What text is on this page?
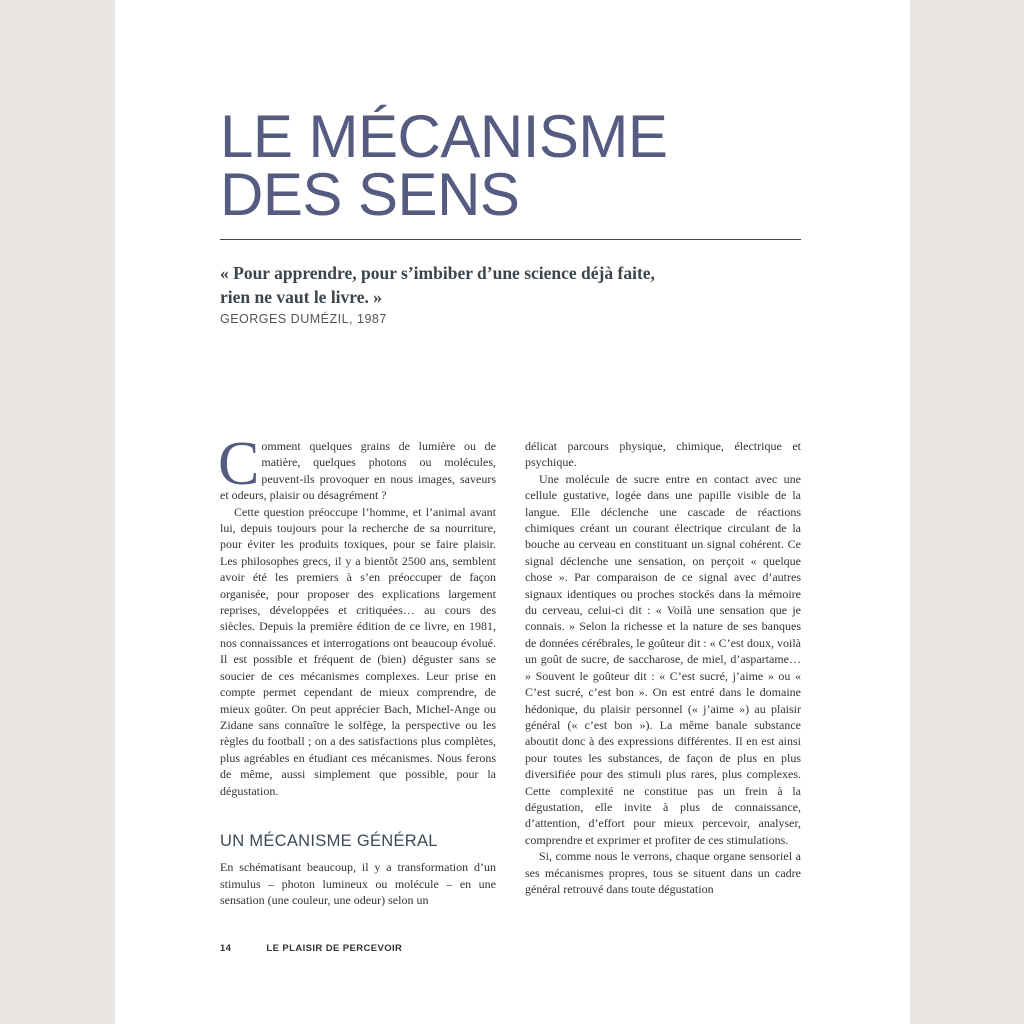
LE MÉCANISME
DES SENS
« Pour apprendre, pour s’imbiber d’une science déjà faite,
rien ne vaut le livre. »
GEORGES DUMÉZIL, 1987

Comment quelques grains de lumière ou de matière, quelques photons ou molécules, peuvent-ils provoquer en nous images, saveurs et odeurs, plaisir ou désagrément ?

Cette question préoccupe l’homme, et l’animal avant lui, depuis toujours pour la recherche de sa nourriture, pour éviter les produits toxiques, pour se faire plaisir. Les philosophes grecs, il y a bientôt 2500 ans, semblent avoir été les premiers à s’en préoccuper de façon organisée, pour proposer des explications largement reprises, développées et critiquées… au cours des siècles. Depuis la première édition de ce livre, en 1981, nos connaissances et interrogations ont beaucoup évolué. Il est possible et fréquent de (bien) déguster sans se soucier de ces mécanismes complexes. Leur prise en compte permet cependant de mieux comprendre, de mieux goûter. On peut apprécier Bach, Michel-Ange ou Zidane sans connaître le solfège, la perspective ou les règles du football ; on a des satisfactions plus complètes, plus agréables en étudiant ces mécanismes. Nous ferons de même, aussi simplement que possible, pour la dégustation.

UN MÉCANISME GÉNÉRAL

En schématisant beaucoup, il y a transformation d’un stimulus – photon lumineux ou molécule – en une sensation (une couleur, une odeur) selon un

délicat parcours physique, chimique, électrique et psychique.

Une molécule de sucre entre en contact avec une cellule gustative, logée dans une papille visible de la langue. Elle déclenche une cascade de réactions chimiques créant un courant électrique circulant de la bouche au cerveau en constituant un signal cohérent. Ce signal déclenche une sensation, on perçoit « quelque chose ». Par comparaison de ce signal avec d’autres signaux identiques ou proches stockés dans la mémoire du cerveau, celui-ci dit : « Voilà une sensation que je connais. » Selon la richesse et la nature de ses banques de données cérébrales, le goûteur dit : « C’est doux, voilà un goût de sucre, de saccharose, de miel, d’aspartame… » Souvent le goûteur dit : « C’est sucré, j’aime » ou « C’est sucré, c’est bon ». On est entré dans le domaine hédonique, du plaisir personnel (« j’aime ») au plaisir général (« c’est bon »). La même banale substance aboutit donc à des expressions différentes. Il en est ainsi pour toutes les substances, de façon de plus en plus diversifiée pour des stimuli plus rares, plus complexes. Cette complexité ne constitue pas un frein à la dégustation, elle invite à plus de connaissance, d’attention, d’effort pour mieux percevoir, analyser, comprendre et exprimer et profiter de ces stimulations.

Si, comme nous le verrons, chaque organe sensoriel a ses mécanismes propres, tous se situent dans un cadre général retrouvé dans toute dégustation

14	LE PLAISIR DE PERCEVOIR
